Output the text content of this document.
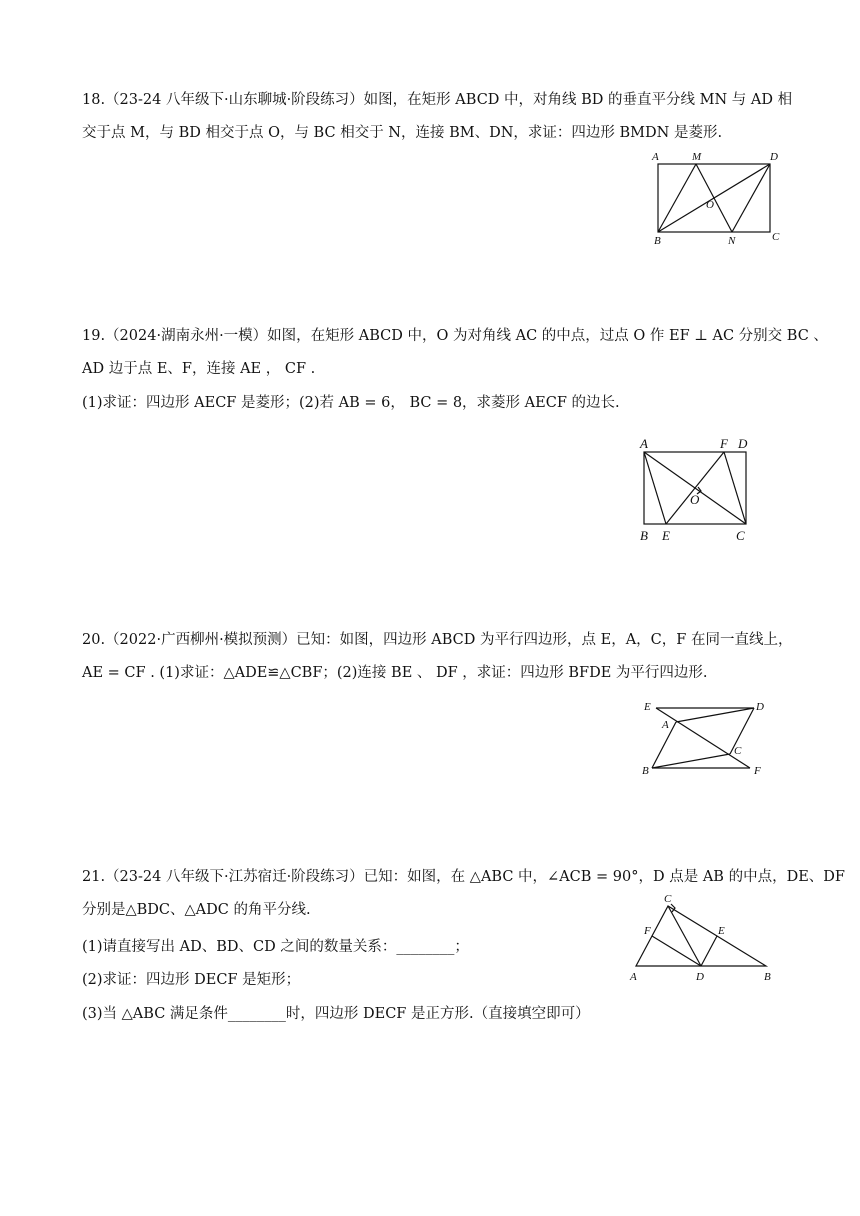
18.（23-24 八年级下·山东聊城·阶段练习）如图，在矩形 ABCD 中，对角线 BD 的垂直平分线 MN 与 AD 相
交于点 M，与 BD 相交于点 O，与 BC 相交于 N，连接 BM、DN，求证：四边形 BMDN 是菱形.
A	M	D
O
B	N	C
19.（2024·湖南永州·一模）如图，在矩形 ABCD 中，O 为对角线 AC 的中点，过点 O 作 EF ⊥ AC 分别交 BC 、
AD 边于点 E、F，连接 AE ， CF .
(1)求证：四边形 AECF 是菱形；(2)若 AB = 6， BC = 8，求菱形 AECF 的边长.
A	F D
O
B E	C
20.（2022·广西柳州·模拟预测）已知：如图，四边形 ABCD 为平行四边形，点 E，A，C，F 在同一直线上，
AE = CF . (1)求证：△ADE≌△CBF；(2)连接 BE 、 DF ，求证：四边形 BFDE 为平行四边形.
E	D
A
C
B	F
21.（23-24 八年级下·江苏宿迁·阶段练习）已知：如图，在 △ABC 中，∠ACB = 90°，D 点是 AB 的中点，DE、DF
分别是△BDC、△ADC 的角平分线.
(1)请直接写出 AD、BD、CD 之间的数量关系：________；
(2)求证：四边形 DECF 是矩形；
(3)当 △ABC 满足条件________时，四边形 DECF 是正方形.（直接填空即可）
C
F	E
A	D	B
